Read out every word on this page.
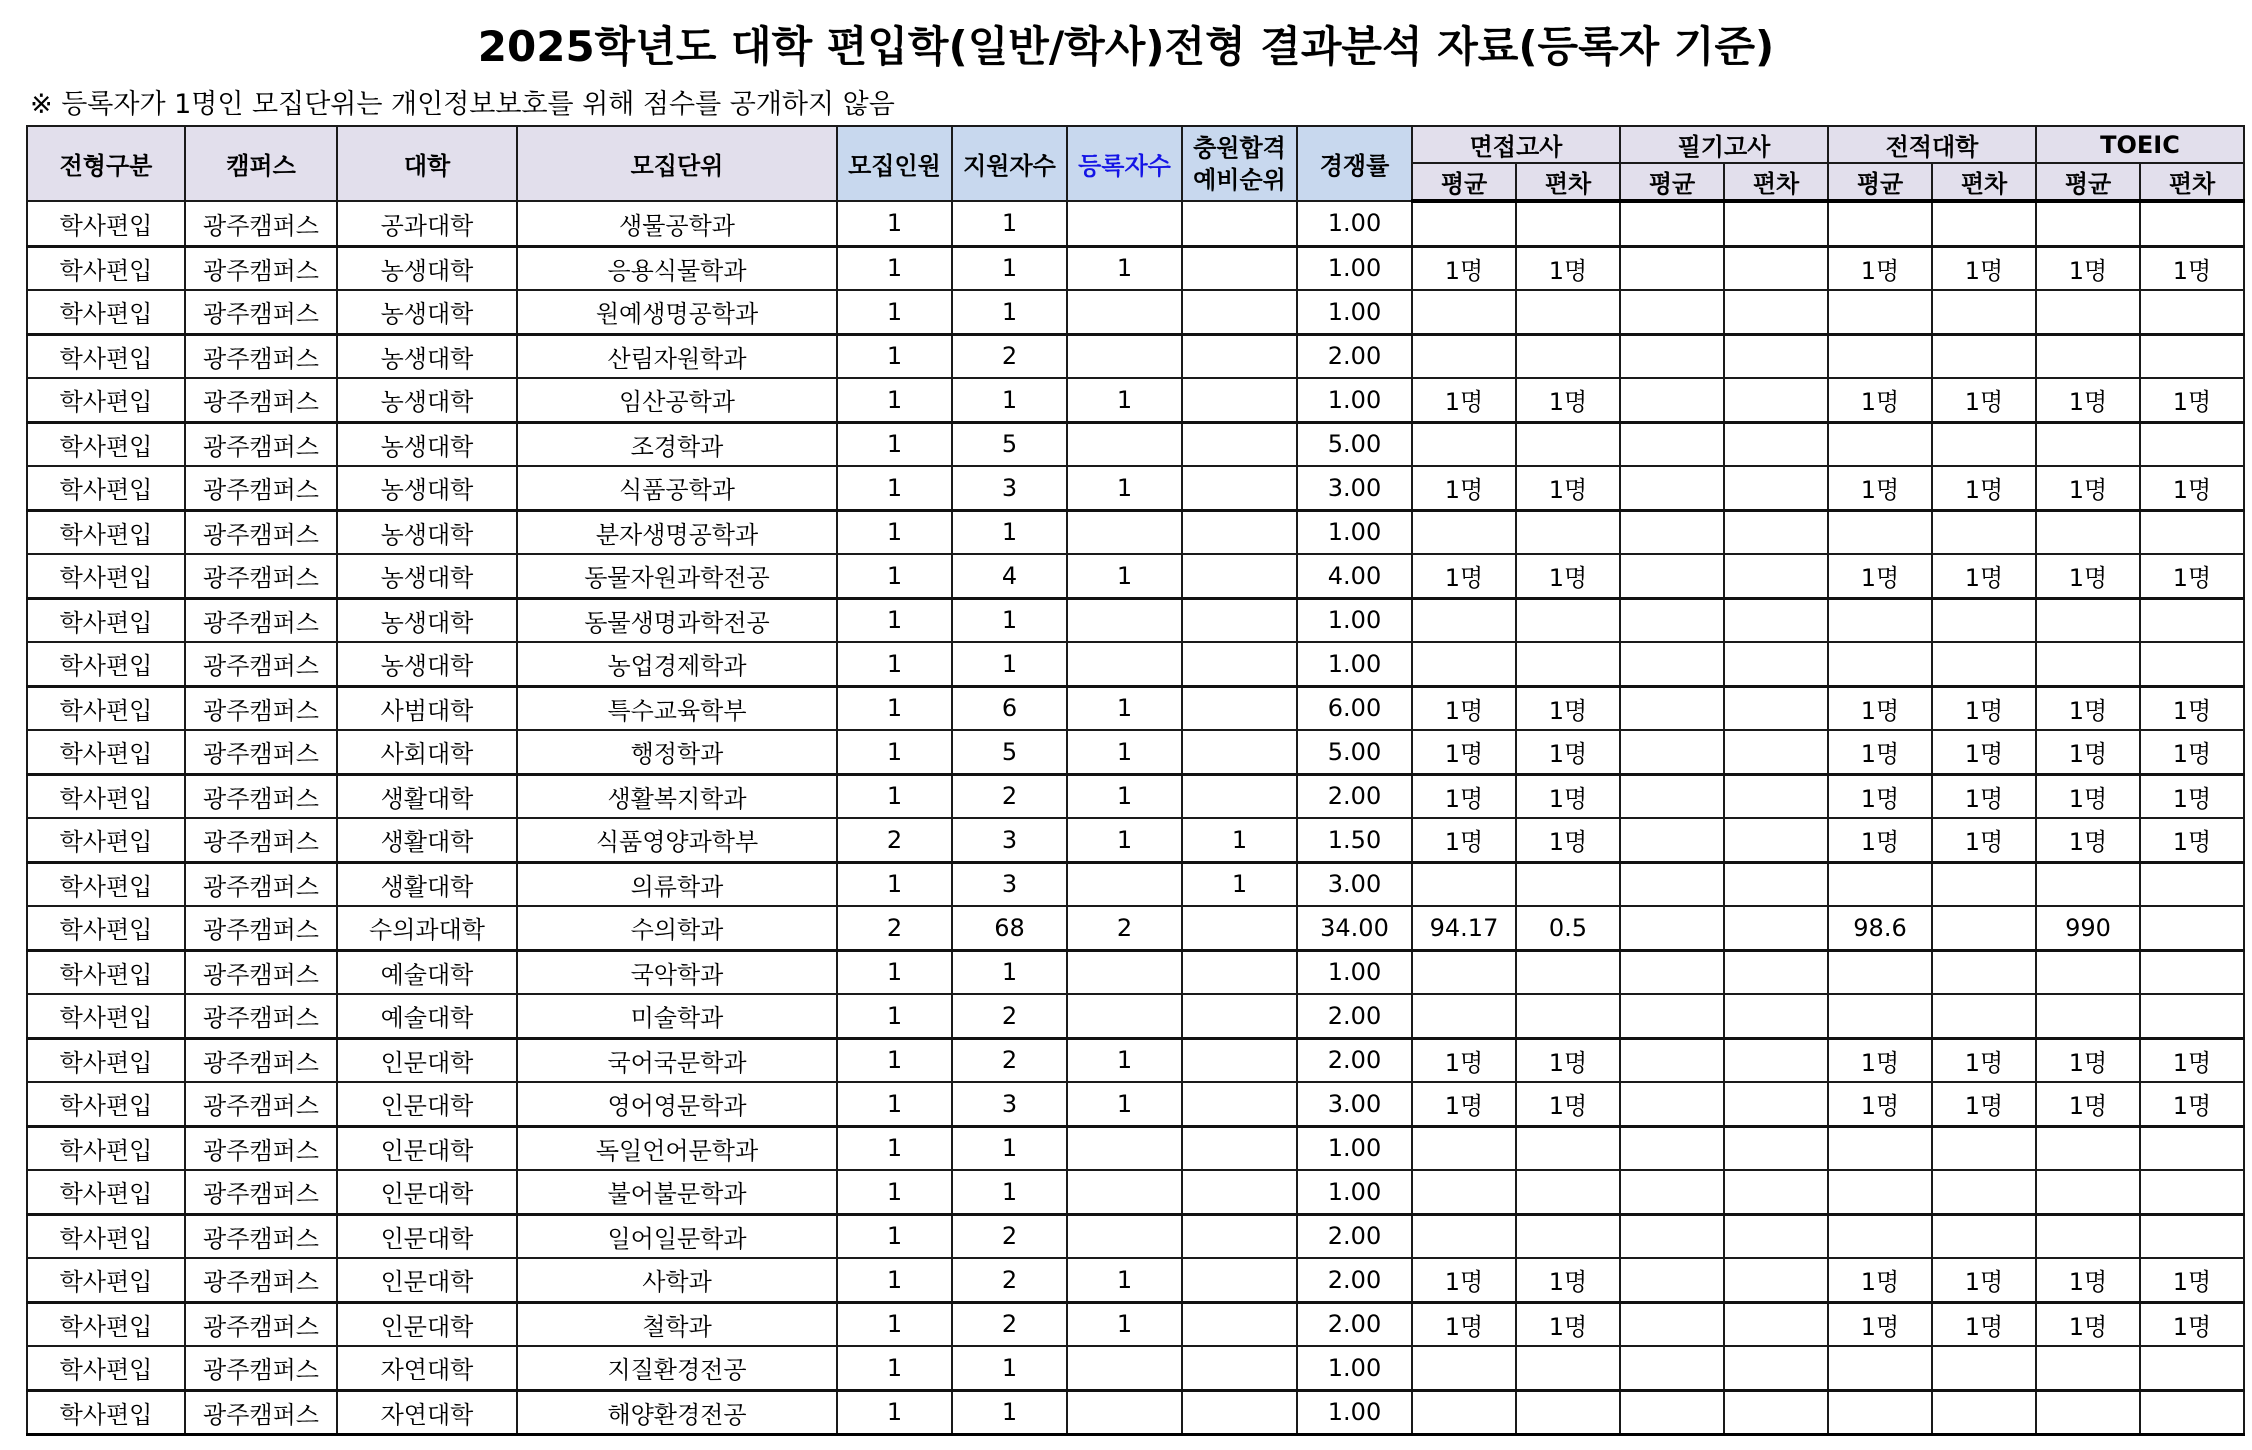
2025학년도 대학 편입학(일반/학사)전형 결과분석 자료(등록자 기준)
※ 등록자가 1명인 모집단위는 개인정보보호를 위해 점수를 공개하지 않음
전형구분	캠퍼스	대학	모집단위	모집인원	지원자수	등록자수	충원합격
예비순위	경쟁률	면접고사		필기고사		전적대학		TOEIC	
									평균	편차	평균	편차	평균	편차	평균	편차
학사편입	광주캠퍼스	공과대학	생물공학과	1	1			1.00								
학사편입	광주캠퍼스	농생대학	응용식물학과	1	1	1		1.00	1명	1명			1명	1명	1명	1명
학사편입	광주캠퍼스	농생대학	원예생명공학과	1	1			1.00								
학사편입	광주캠퍼스	농생대학	산림자원학과	1	2			2.00								
학사편입	광주캠퍼스	농생대학	임산공학과	1	1	1		1.00	1명	1명			1명	1명	1명	1명
학사편입	광주캠퍼스	농생대학	조경학과	1	5			5.00								
학사편입	광주캠퍼스	농생대학	식품공학과	1	3	1		3.00	1명	1명			1명	1명	1명	1명
학사편입	광주캠퍼스	농생대학	분자생명공학과	1	1			1.00								
학사편입	광주캠퍼스	농생대학	동물자원과학전공	1	4	1		4.00	1명	1명			1명	1명	1명	1명
학사편입	광주캠퍼스	농생대학	동물생명과학전공	1	1			1.00								
학사편입	광주캠퍼스	농생대학	농업경제학과	1	1			1.00								
학사편입	광주캠퍼스	사범대학	특수교육학부	1	6	1		6.00	1명	1명			1명	1명	1명	1명
학사편입	광주캠퍼스	사회대학	행정학과	1	5	1		5.00	1명	1명			1명	1명	1명	1명
학사편입	광주캠퍼스	생활대학	생활복지학과	1	2	1		2.00	1명	1명			1명	1명	1명	1명
학사편입	광주캠퍼스	생활대학	식품영양과학부	2	3	1	1	1.50	1명	1명			1명	1명	1명	1명
학사편입	광주캠퍼스	생활대학	의류학과	1	3		1	3.00								
학사편입	광주캠퍼스	수의과대학	수의학과	2	68	2		34.00	94.17	0.5			98.6		990	
학사편입	광주캠퍼스	예술대학	국악학과	1	1			1.00								
학사편입	광주캠퍼스	예술대학	미술학과	1	2			2.00								
학사편입	광주캠퍼스	인문대학	국어국문학과	1	2	1		2.00	1명	1명			1명	1명	1명	1명
학사편입	광주캠퍼스	인문대학	영어영문학과	1	3	1		3.00	1명	1명			1명	1명	1명	1명
학사편입	광주캠퍼스	인문대학	독일언어문학과	1	1			1.00								
학사편입	광주캠퍼스	인문대학	불어불문학과	1	1			1.00								
학사편입	광주캠퍼스	인문대학	일어일문학과	1	2			2.00								
학사편입	광주캠퍼스	인문대학	사학과	1	2	1		2.00	1명	1명			1명	1명	1명	1명
학사편입	광주캠퍼스	인문대학	철학과	1	2	1		2.00	1명	1명			1명	1명	1명	1명
학사편입	광주캠퍼스	자연대학	지질환경전공	1	1			1.00								
학사편입	광주캠퍼스	자연대학	해양환경전공	1	1			1.00								
